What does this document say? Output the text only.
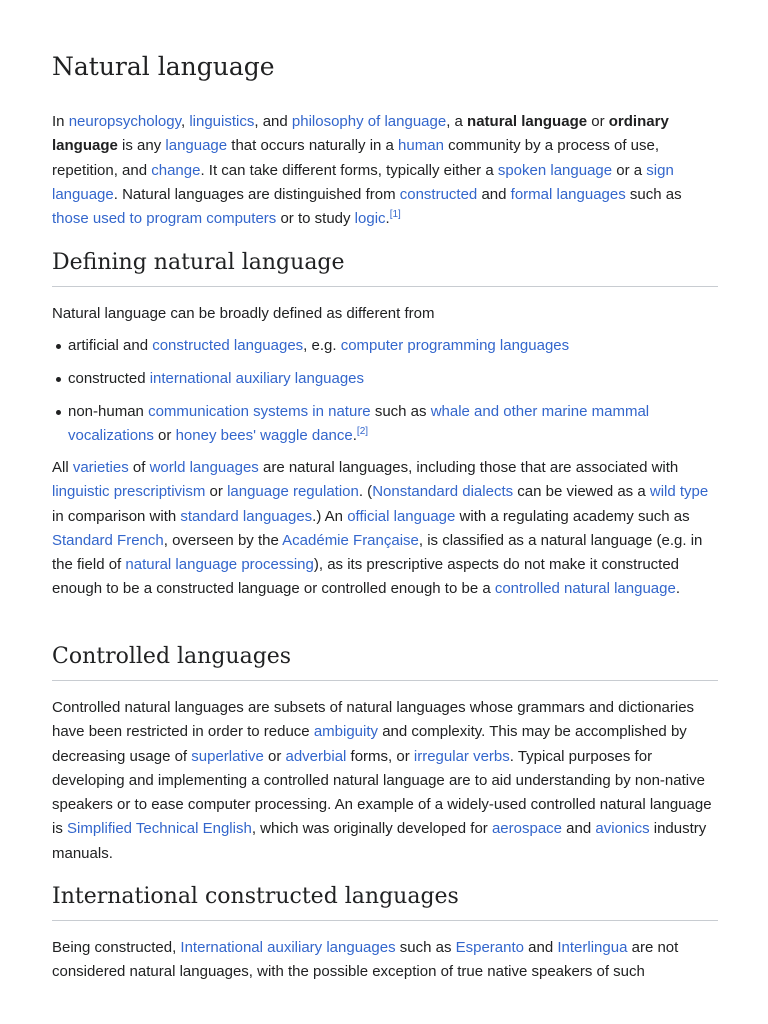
Natural language

In neuropsychology, linguistics, and philosophy of language, a natural language or ordinary language is any language that occurs naturally in a human community by a process of use, repetition, and change. It can take different forms, typically either a spoken language or a sign language. Natural languages are distinguished from constructed and formal languages such as those used to program computers or to study logic.[1]

Defining natural language

Natural language can be broadly defined as different from

artificial and constructed languages, e.g. computer programming languages
constructed international auxiliary languages
non-human communication systems in nature such as whale and other marine mammal vocalizations or honey bees' waggle dance.[2]

All varieties of world languages are natural languages, including those that are associated with linguistic prescriptivism or language regulation. (Nonstandard dialects can be viewed as a wild type in comparison with standard languages.) An official language with a regulating academy such as Standard French, overseen by the Académie Française, is classified as a natural language (e.g. in the field of natural language processing), as its prescriptive aspects do not make it constructed enough to be a constructed language or controlled enough to be a controlled natural language.

Controlled languages

Controlled natural languages are subsets of natural languages whose grammars and dictionaries have been restricted in order to reduce ambiguity and complexity. This may be accomplished by decreasing usage of superlative or adverbial forms, or irregular verbs. Typical purposes for developing and implementing a controlled natural language are to aid understanding by non-native speakers or to ease computer processing. An example of a widely-used controlled natural language is Simplified Technical English, which was originally developed for aerospace and avionics industry manuals.

International constructed languages

Being constructed, International auxiliary languages such as Esperanto and Interlingua are not considered natural languages, with the possible exception of true native speakers of such
